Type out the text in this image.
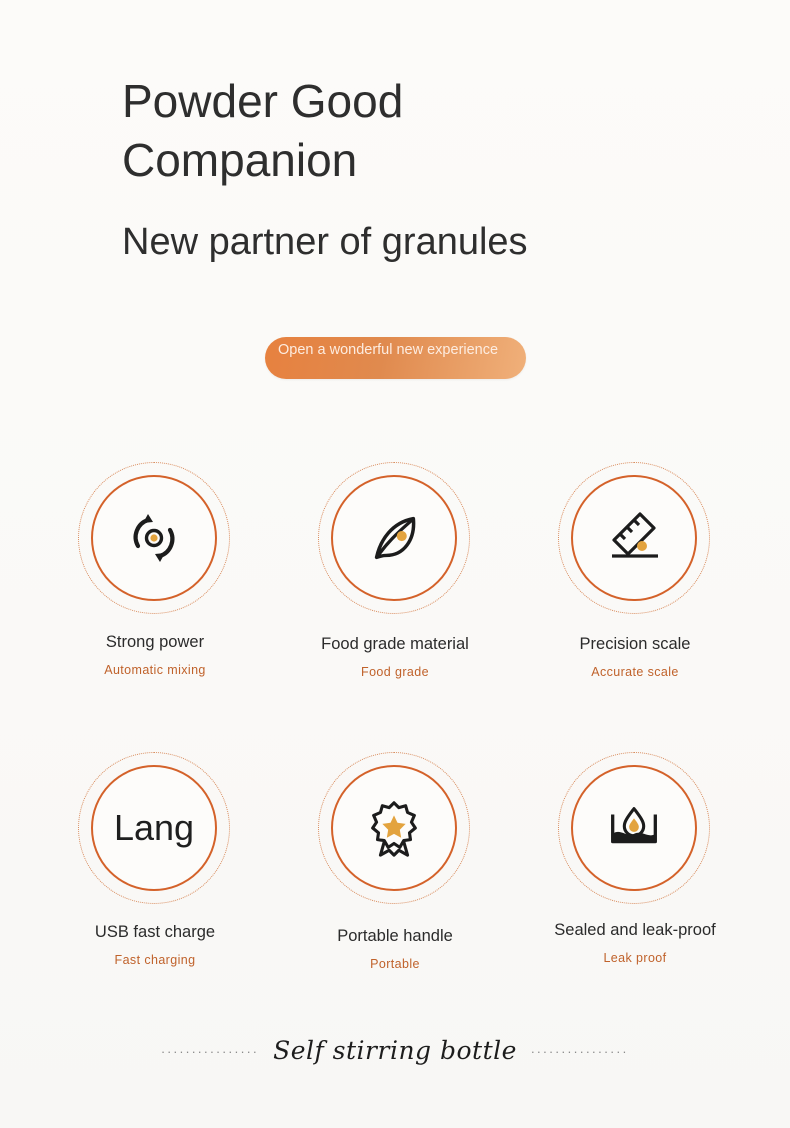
Powder Good Companion
New partner of granules
Open a wonderful new experience
Strong power
Automatic mixing
Food grade material
Food grade
Precision scale
Accurate scale
Lang
USB fast charge
Fast charging
Portable handle
Portable
Sealed and leak-proof
Leak proof
................ Self stirring bottle ................
